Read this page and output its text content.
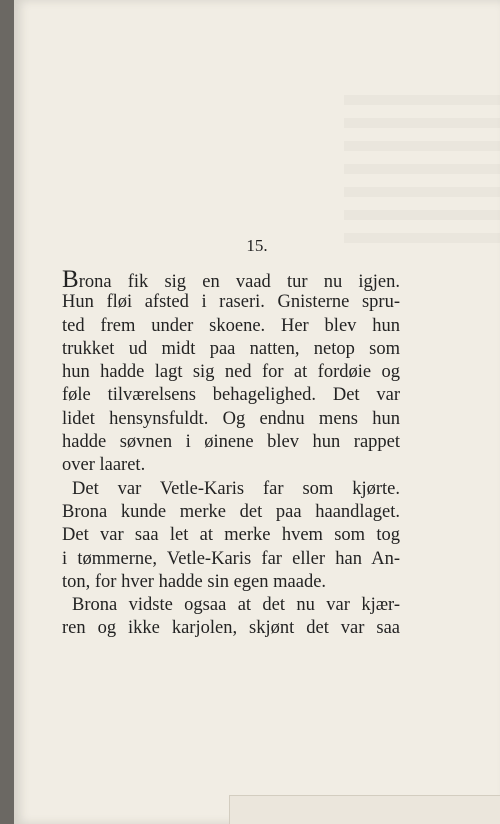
15.
Brona fik sig en vaad tur nu igjen.
Hun fløi afsted i raseri. Gnisterne spru-
ted frem under skoene. Her blev hun
trukket ud midt paa natten, netop som
hun hadde lagt sig ned for at fordøie og
føle tilværelsens behagelighed. Det var
lidet hensynsfuldt. Og endnu mens hun
hadde søvnen i øinene blev hun rappet
over laaret.
Det var Vetle-Karis far som kjørte.
Brona kunde merke det paa haandlaget.
Det var saa let at merke hvem som tog
i tømmerne, Vetle-Karis far eller han An-
ton, for hver hadde sin egen maade.
Brona vidste ogsaa at det nu var kjær-
ren og ikke karjolen, skjønt det var saa
